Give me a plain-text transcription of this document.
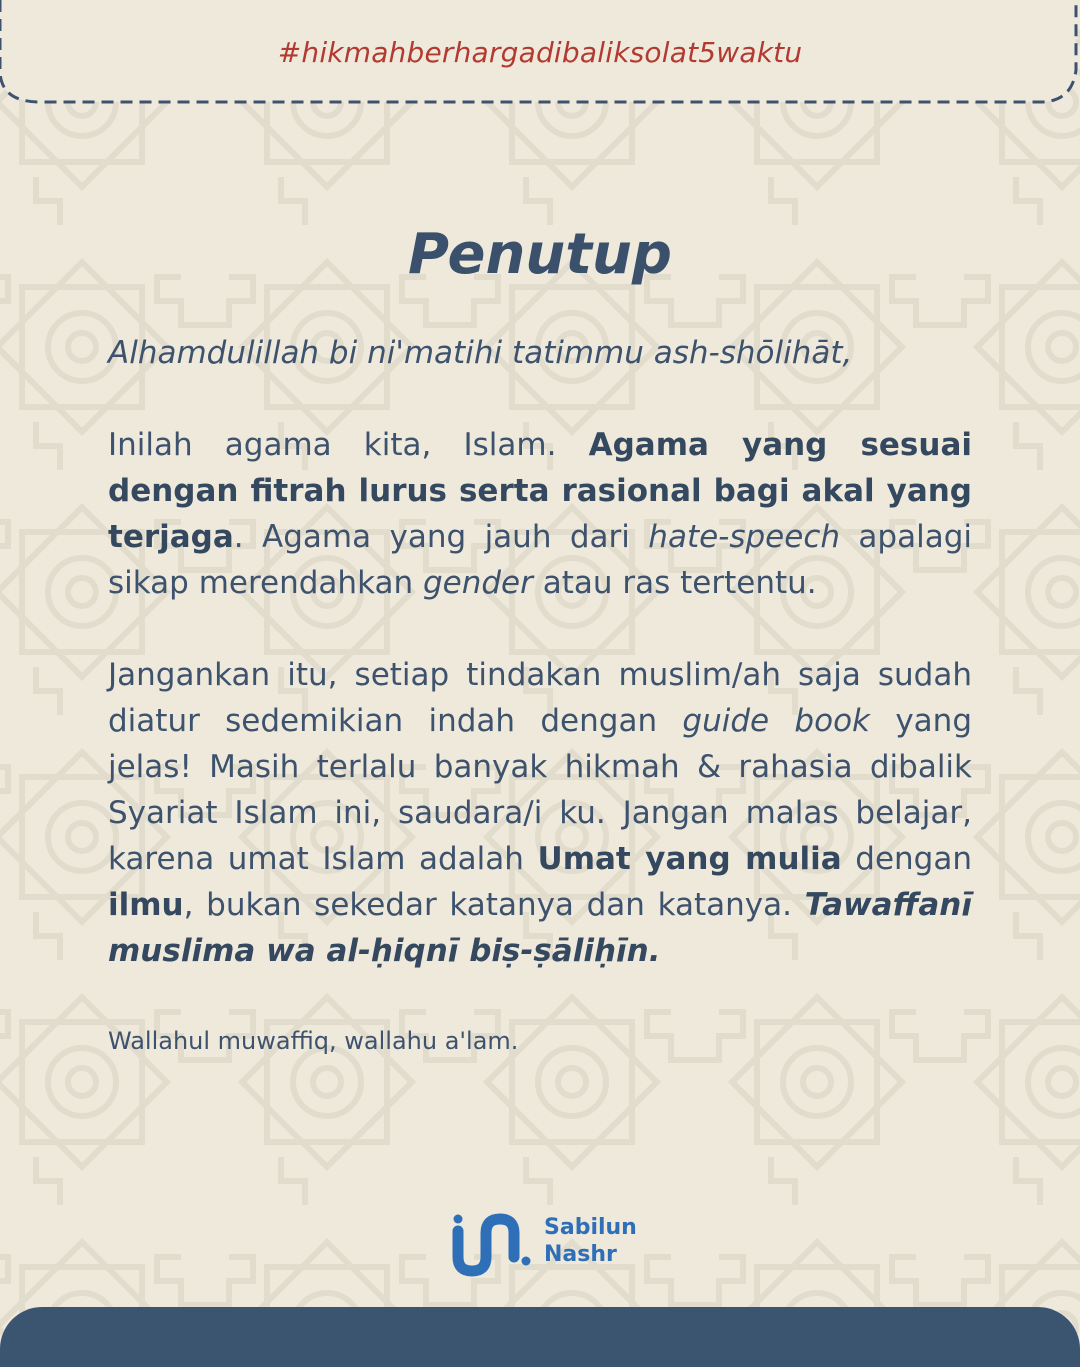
#hikmahberhargadibaliksolat5waktu
Penutup

Alhamdulillah bi ni'matihi tatimmu ash-shōlihāt,

Inilah agama kita, Islam. Agama yang sesuai dengan fitrah lurus serta rasional bagi akal yang terjaga. Agama yang jauh dari hate-speech apalagi sikap merendahkan gender atau ras tertentu.

Jangankan itu, setiap tindakan muslim/ah saja sudah diatur sedemikian indah dengan guide book yang jelas! Masih terlalu banyak hikmah & rahasia dibalik Syariat Islam ini, saudara/i ku. Jangan malas belajar, karena umat Islam adalah Umat yang mulia dengan ilmu, bukan sekedar katanya dan katanya. Tawaffanī muslima wa al-ḥiqnī biṣ-ṣāliḥīn.

Wallahul muwaffiq, wallahu a'lam.

Sabilun
Nashr
